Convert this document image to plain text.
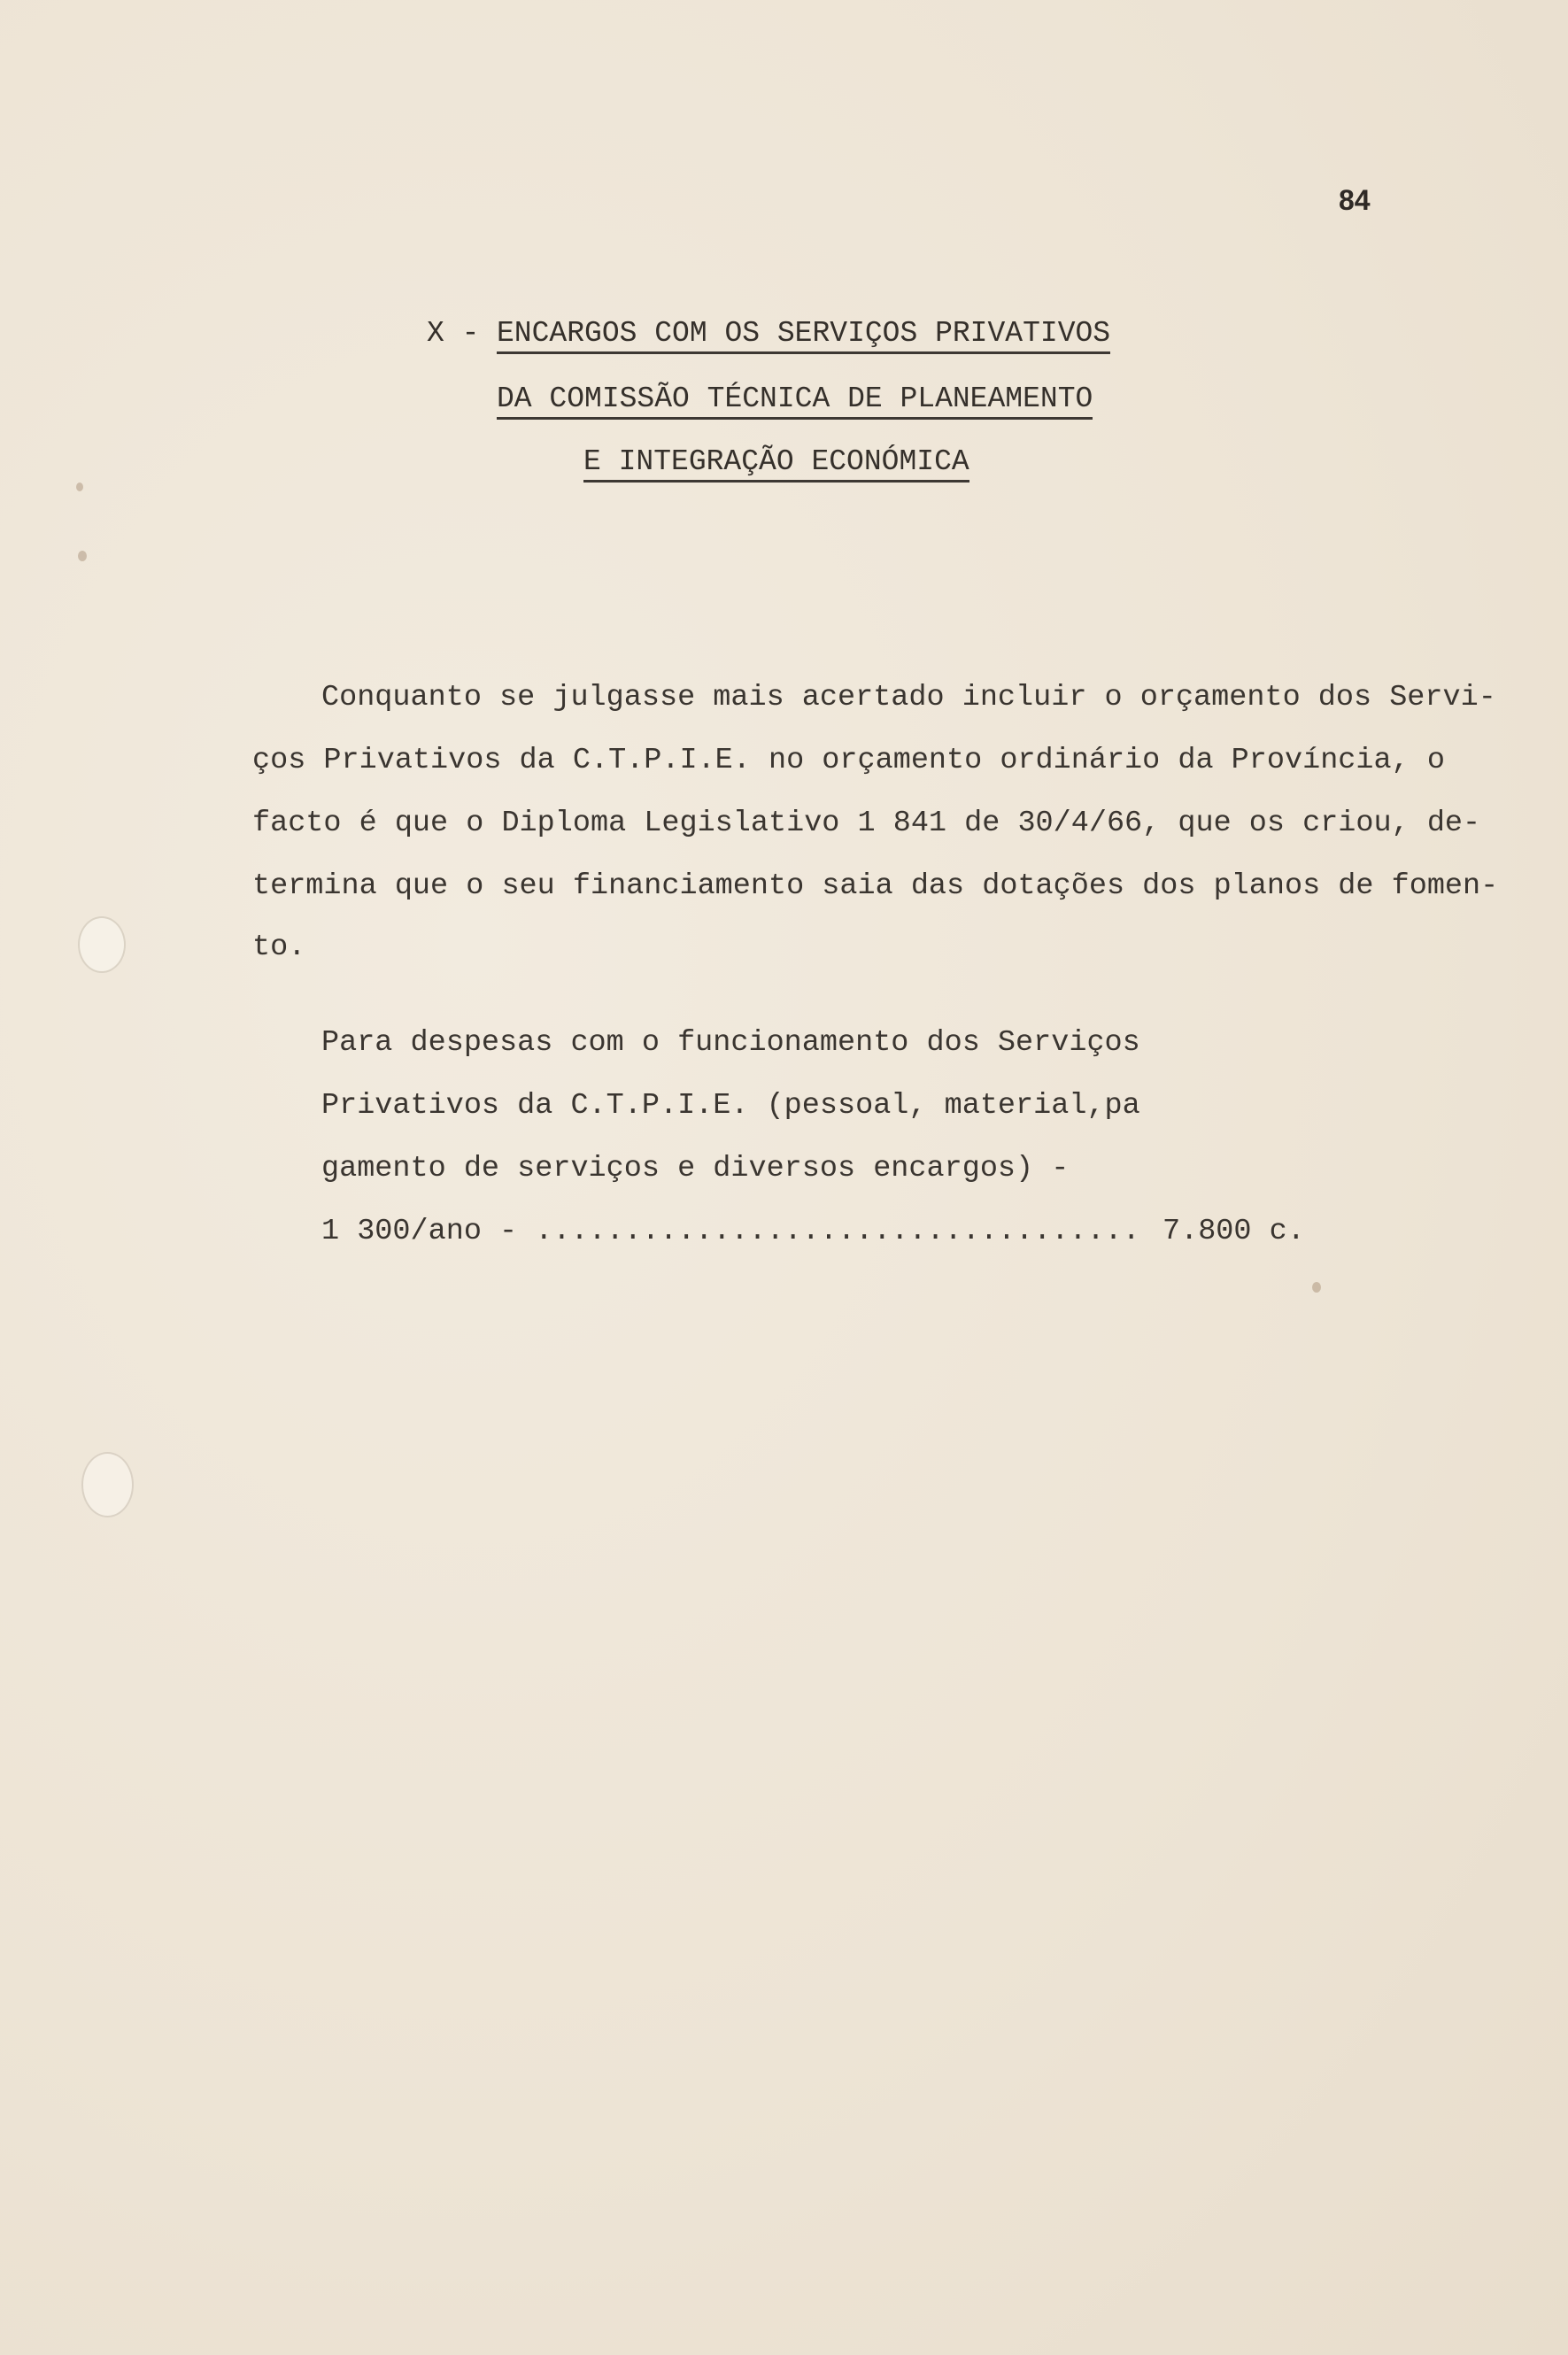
84
X - ENCARGOS COM OS SERVIÇOS PRIVATIVOS
DA COMISSÃO TÉCNICA DE PLANEAMENTO
E INTEGRAÇÃO ECONÓMICA
Conquanto se julgasse mais acertado incluir o orçamento dos Servi-
ços Privativos da C.T.P.I.E. no orçamento ordinário da Província, o
facto é que o Diploma Legislativo 1 841 de 30/4/66, que os criou, de-
termina que o seu financiamento saia das dotações dos planos de fomen-
to.
Para despesas com o funcionamento dos Serviços
Privativos da C.T.P.I.E. (pessoal, material,pa
gamento de serviços e diversos encargos) -
1 300/ano - .................................. 7.800 c.
